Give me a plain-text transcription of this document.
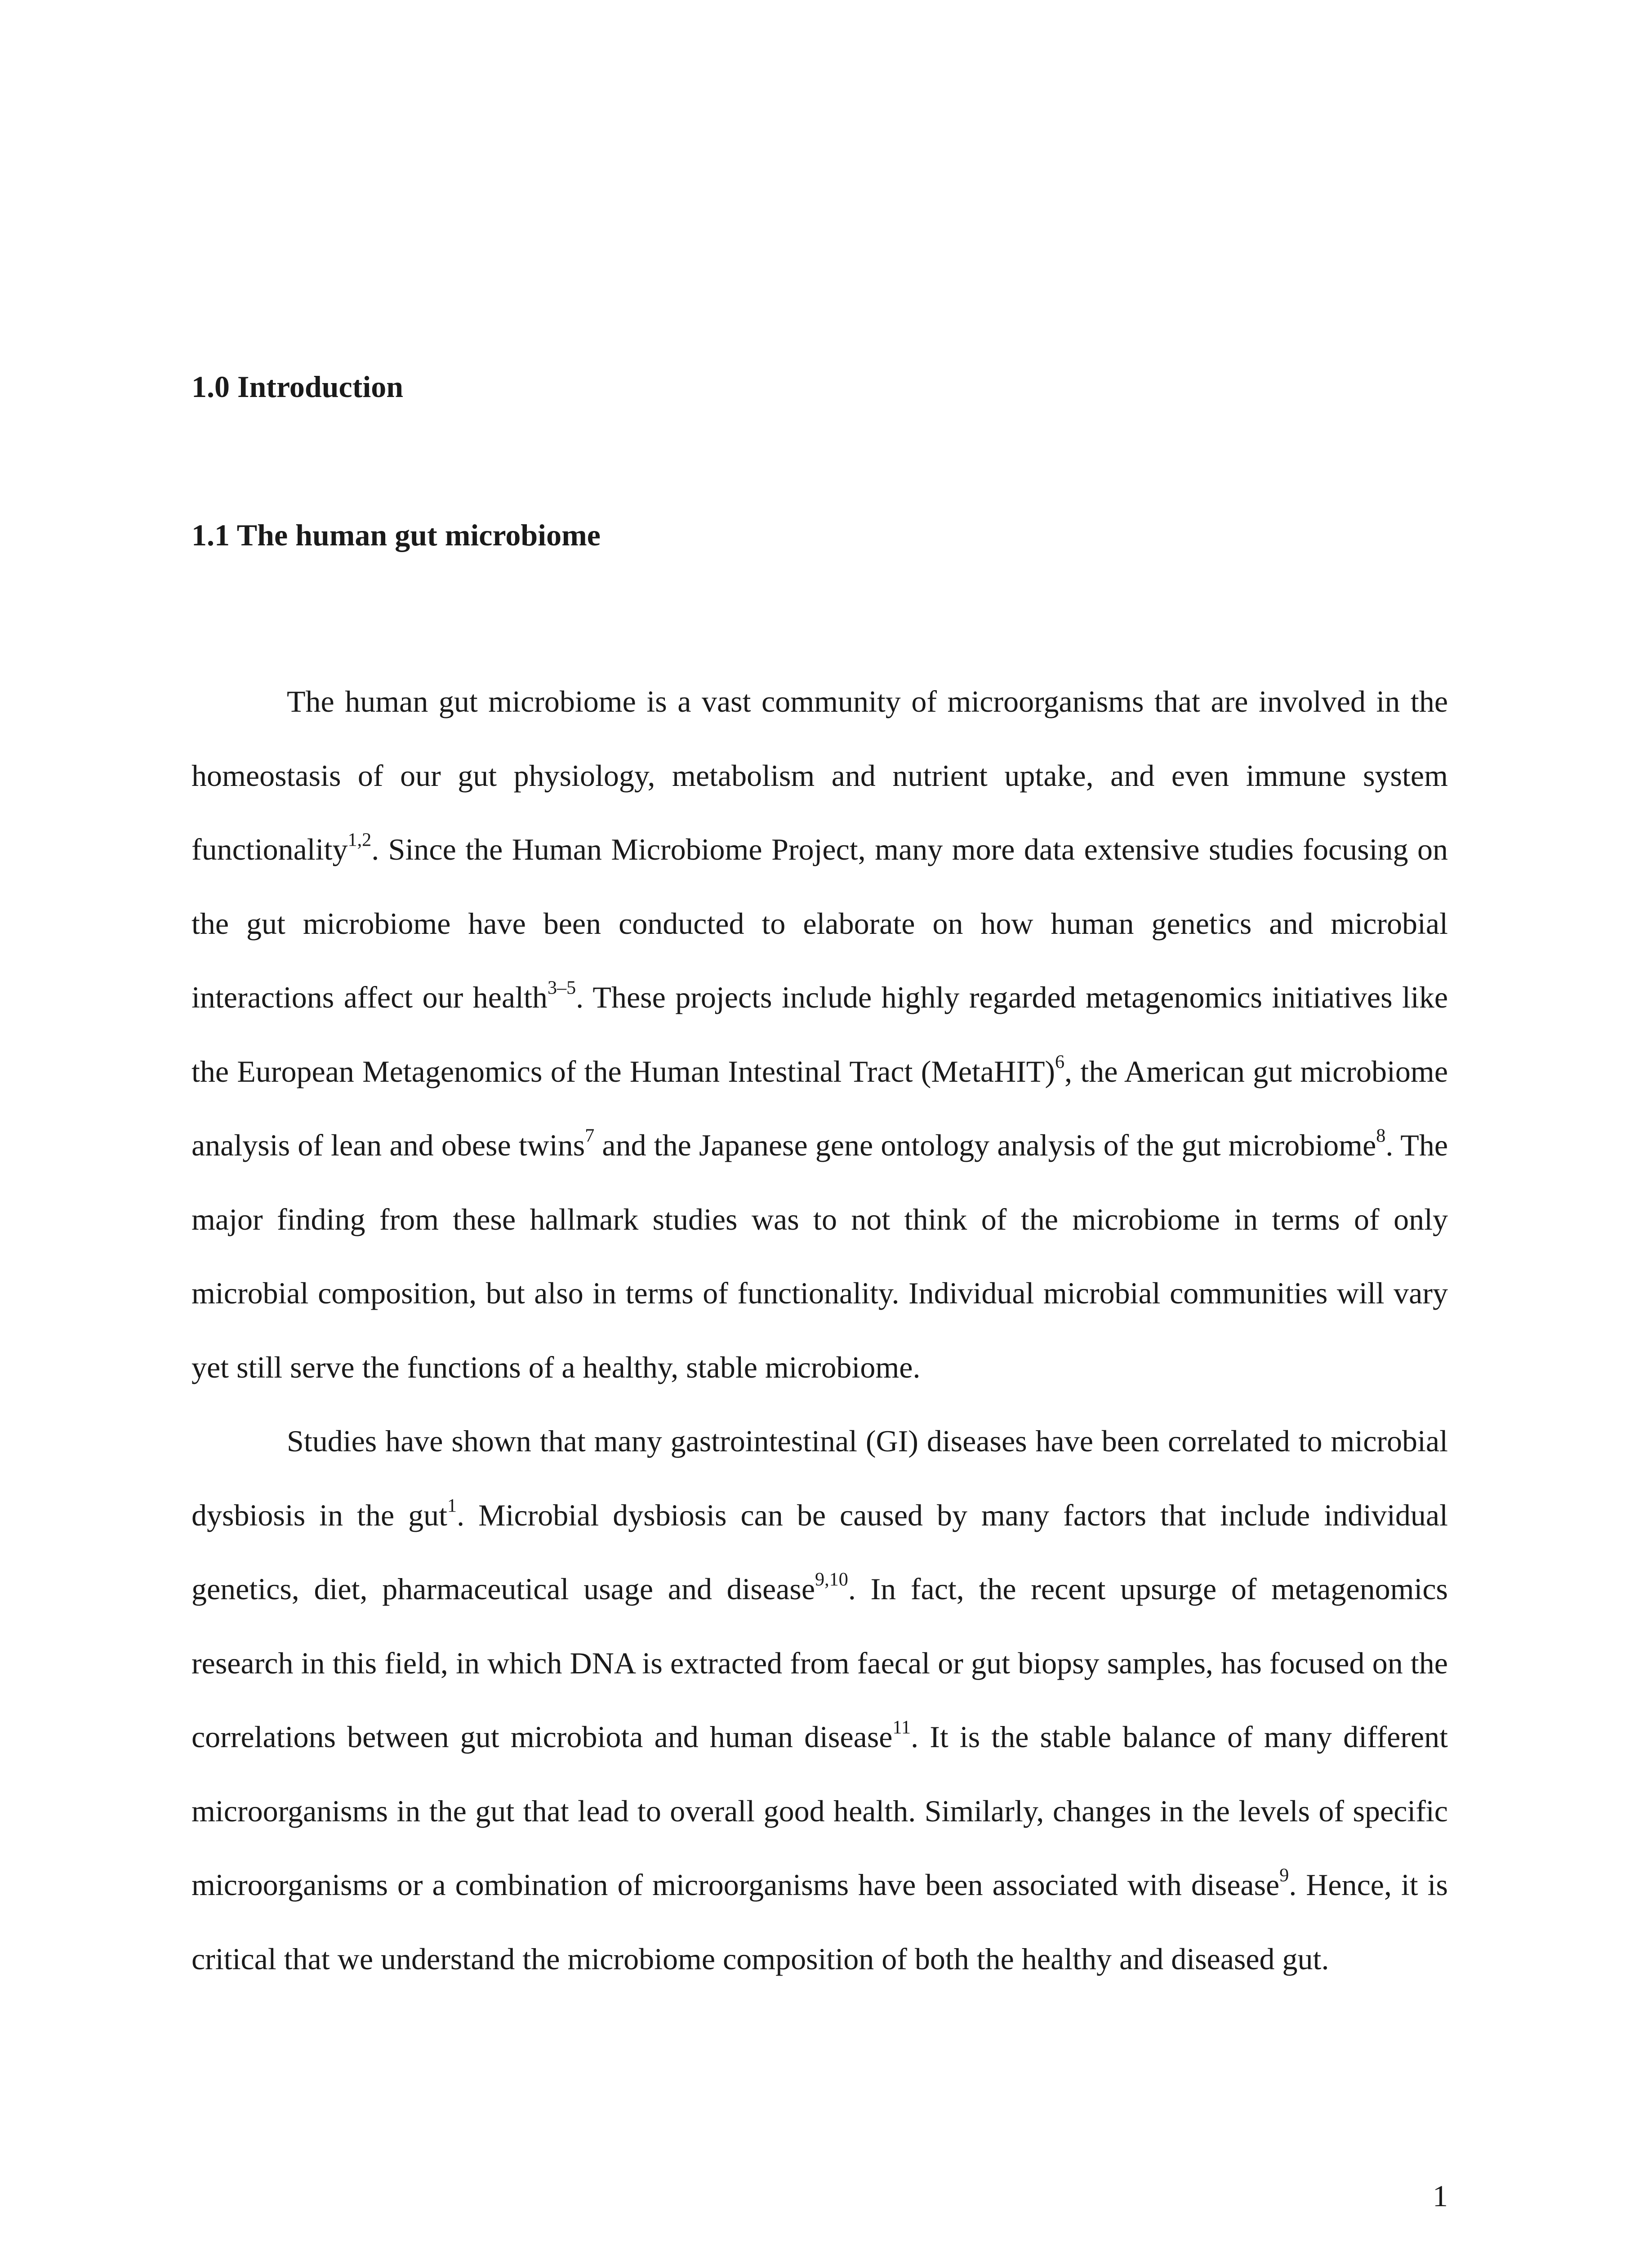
1.0 Introduction
1.1 The human gut microbiome

The human gut microbiome is a vast community of microorganisms that are involved in the homeostasis of our gut physiology, metabolism and nutrient uptake, and even immune system functionality$^{1,2}$. Since the Human Microbiome Project, many more data extensive studies focusing on the gut microbiome have been conducted to elaborate on how human genetics and microbial interactions affect our health$^{3-5}$. These projects include highly regarded metagenomics initiatives like the European Metagenomics of the Human Intestinal Tract (MetaHIT)$^6$, the American gut microbiome analysis of lean and obese twins$^7$ and the Japanese gene ontology analysis of the gut microbiome$^8$. The major finding from these hallmark studies was to not think of the microbiome in terms of only microbial composition, but also in terms of functionality. Individual microbial communities will vary yet still serve the functions of a healthy, stable microbiome.

Studies have shown that many gastrointestinal (GI) diseases have been correlated to microbial dysbiosis in the gut$^1$. Microbial dysbiosis can be caused by many factors that include individual genetics, diet, pharmaceutical usage and disease$^{9,10}$. In fact, the recent upsurge of metagenomics research in this field, in which DNA is extracted from faecal or gut biopsy samples, has focused on the correlations between gut microbiota and human disease$^{11}$. It is the stable balance of many different microorganisms in the gut that lead to overall good health. Similarly, changes in the levels of specific microorganisms or a combination of microorganisms have been associated with disease$^9$. Hence, it is critical that we understand the microbiome composition of both the healthy and diseased gut.

1
